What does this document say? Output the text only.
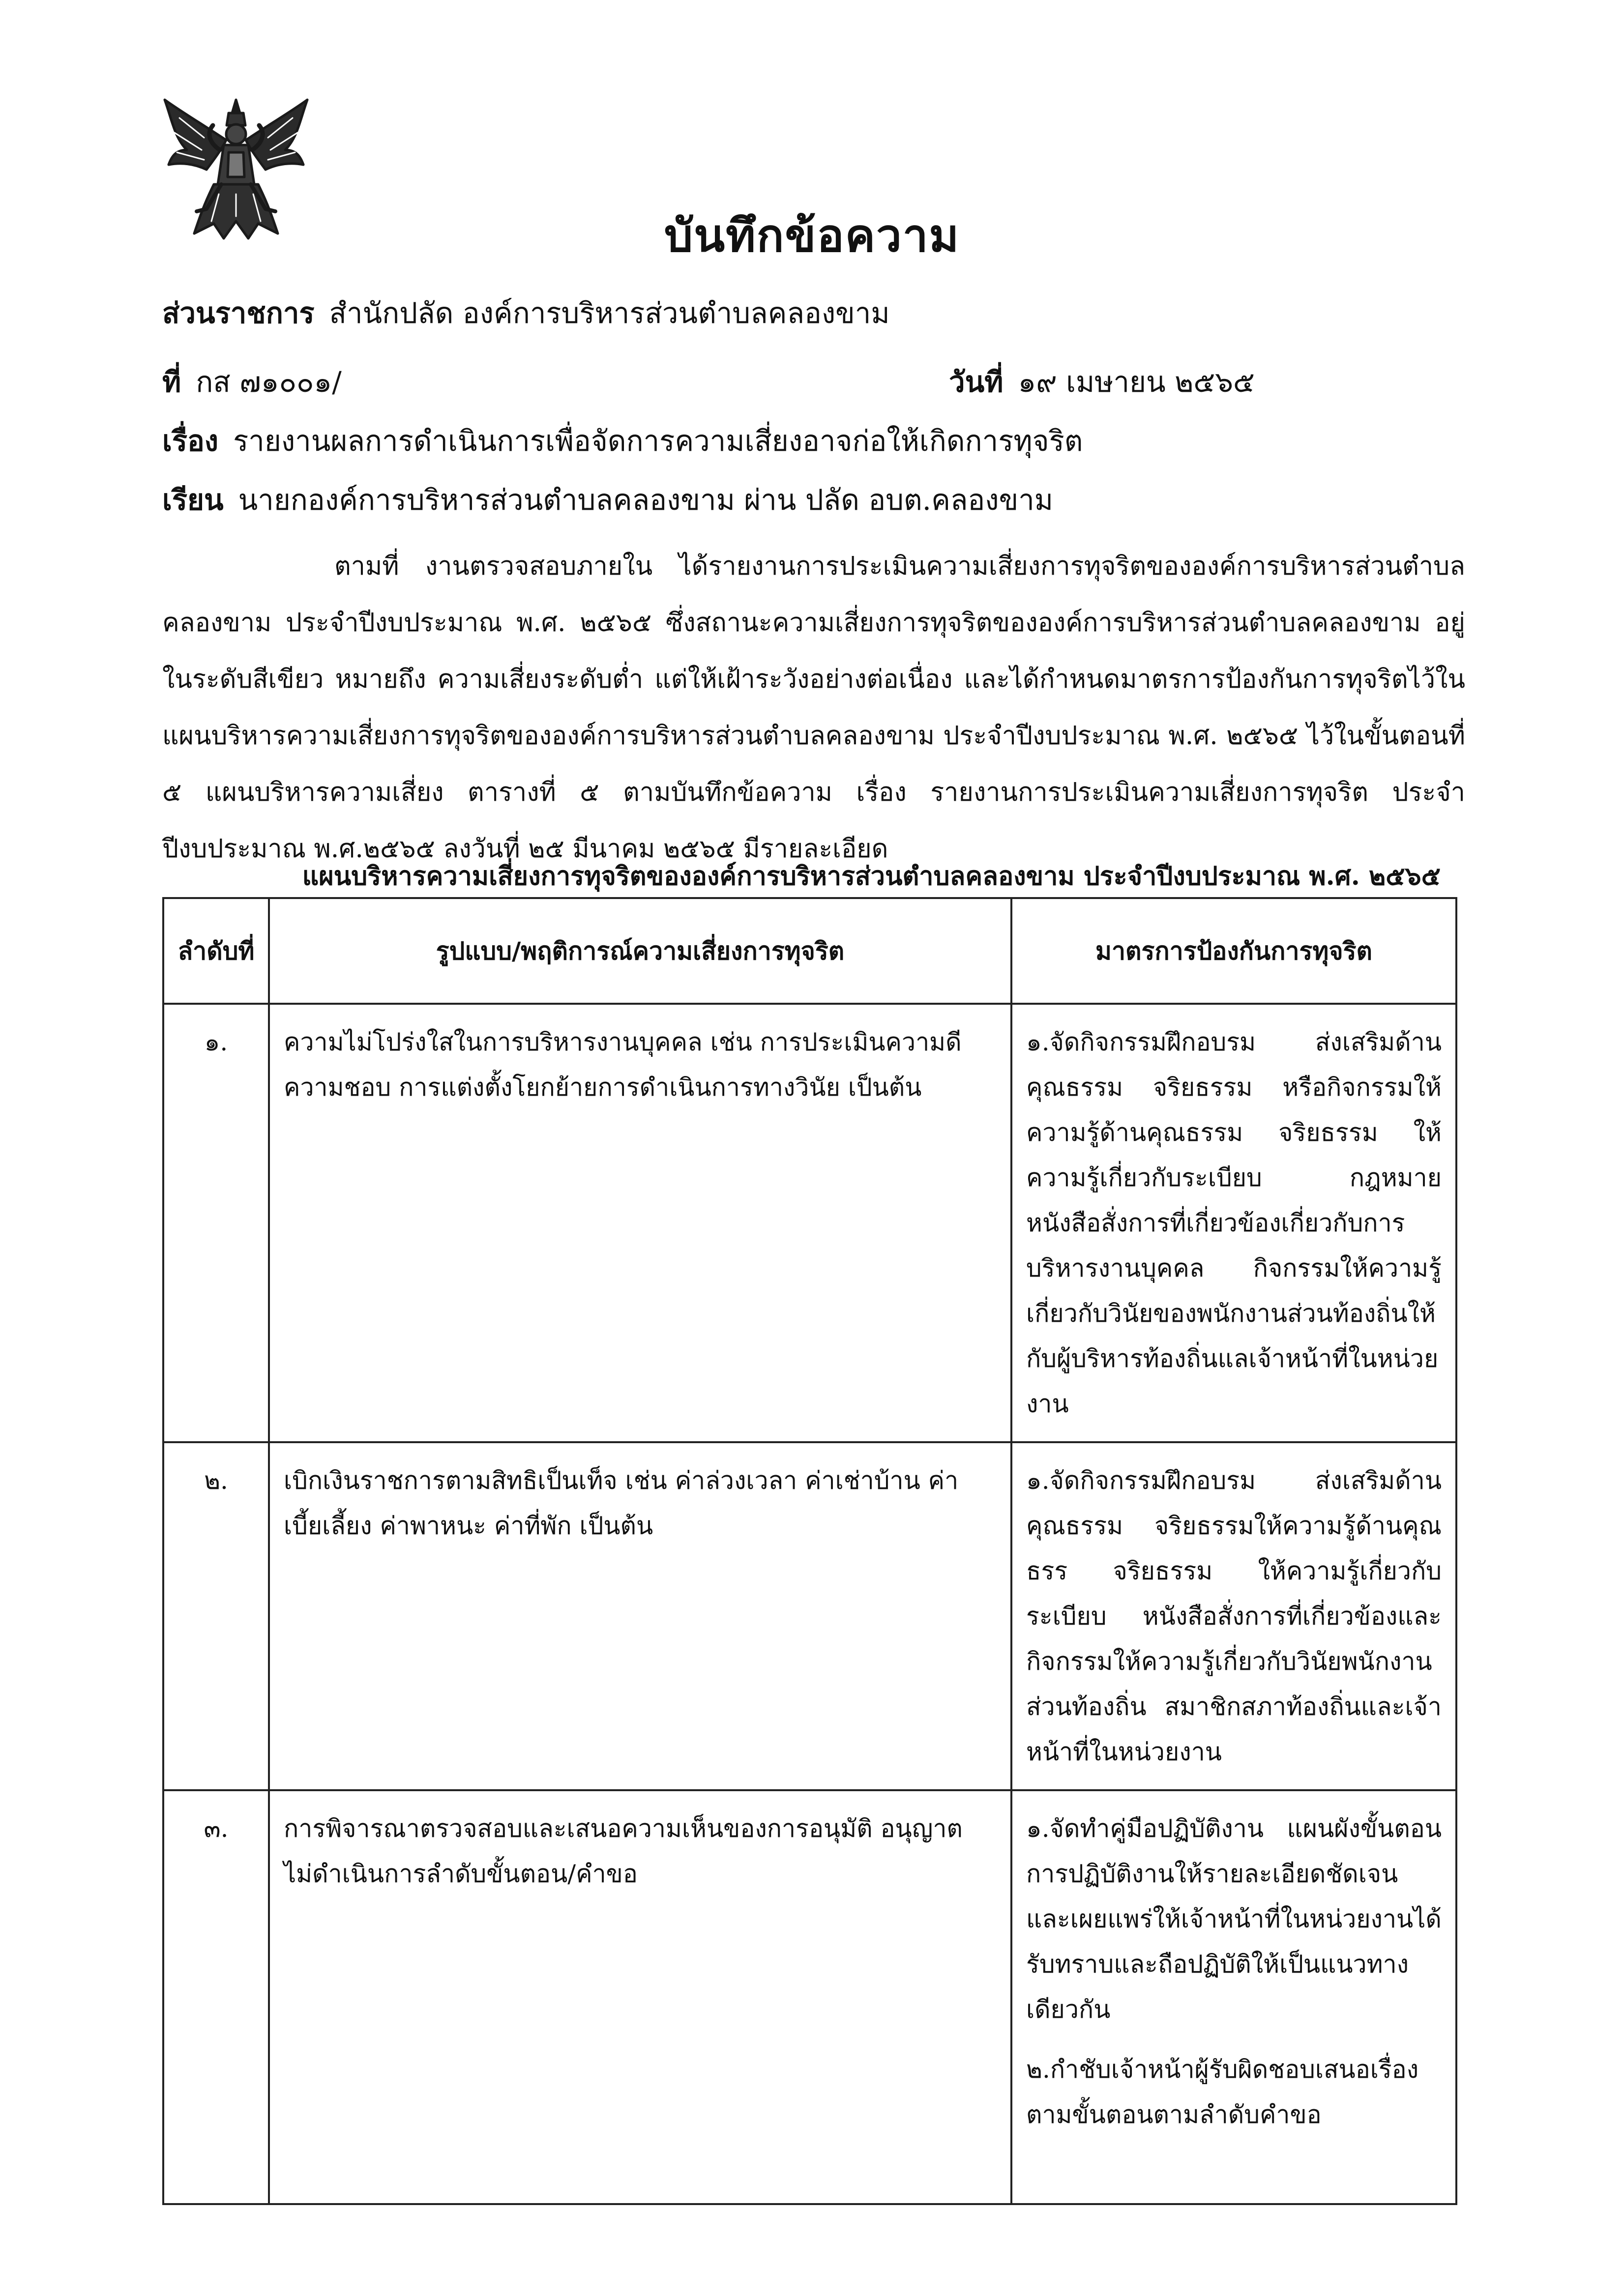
บันทึกข้อความ
ส่วนราชการ สำนักปลัด องค์การบริหารส่วนตำบลคลองขาม
ที่ กส ๗๑๐๐๑/	วันที่ ๑๙ เมษายน ๒๕๖๕
เรื่อง รายงานผลการดำเนินการเพื่อจัดการความเสี่ยงอาจก่อให้เกิดการทุจริต
เรียน นายกองค์การบริหารส่วนตำบลคลองขาม ผ่าน ปลัด อบต.คลองขาม

ตามที่ งานตรวจสอบภายใน ได้รายงานการประเมินความเสี่ยงการทุจริตขององค์การบริหารส่วนตำบลคลองขาม ประจำปีงบประมาณ พ.ศ. ๒๕๖๕ ซึ่งสถานะความเสี่ยงการทุจริตขององค์การบริหารส่วนตำบลคลองขาม อยู่ในระดับสีเขียว หมายถึง ความเสี่ยงระดับต่ำ แต่ให้เฝ้าระวังอย่างต่อเนื่อง และได้กำหนดมาตรการป้องกันการทุจริตไว้ในแผนบริหารความเสี่ยงการทุจริตขององค์การบริหารส่วนตำบลคลองขาม ประจำปีงบประมาณ พ.ศ. ๒๕๖๕ ไว้ในขั้นตอนที่ ๕ แผนบริหารความเสี่ยง ตารางที่ ๕ ตามบันทึกข้อความ เรื่อง รายงานการประเมินความเสี่ยงการทุจริต ประจำปีงบประมาณ พ.ศ.๒๕๖๕ ลงวันที่ ๒๕ มีนาคม ๒๕๖๕ มีรายละเอียด

แผนบริหารความเสี่ยงการทุจริตขององค์การบริหารส่วนตำบลคลองขาม ประจำปีงบประมาณ พ.ศ. ๒๕๖๕
ลำดับที่	รูปแบบ/พฤติการณ์ความเสี่ยงการทุจริต	มาตรการป้องกันการทุจริต
๑.	ความไม่โปร่งใสในการบริหารงานบุคคล เช่น การประเมินความดีความชอบ การแต่งตั้งโยกย้ายการดำเนินการทางวินัย เป็นต้น	๑.จัดกิจกรรมฝึกอบรม ส่งเสริมด้านคุณธรรม จริยธรรม หรือกิจกรรมให้ความรู้ด้านคุณธรรม จริยธรรม ให้ความรู้เกี่ยวกับระเบียบ กฎหมาย หนังสือสั่งการที่เกี่ยวข้องเกี่ยวกับการบริหารงานบุคคล กิจกรรมให้ความรู้เกี่ยวกับวินัยของพนักงานส่วนท้องถิ่นให้กับผู้บริหารท้องถิ่นแลเจ้าหน้าที่ในหน่วยงาน

๒.	เบิกเงินราชการตามสิทธิเป็นเท็จ เช่น ค่าล่วงเวลา ค่าเช่าบ้าน ค่าเบี้ยเลี้ยง ค่าพาหนะ ค่าที่พัก เป็นต้น	๑.จัดกิจกรรมฝึกอบรม ส่งเสริมด้านคุณธรรม จริยธรรมให้ความรู้ด้านคุณธรร จริยธรรม ให้ความรู้เกี่ยวกับระเบียบ หนังสือสั่งการที่เกี่ยวข้องและกิจกรรมให้ความรู้เกี่ยวกับวินัยพนักงานส่วนท้องถิ่น สมาชิกสภาท้องถิ่นและเจ้าหน้าที่ในหน่วยงาน

๓.	การพิจารณาตรวจสอบและเสนอความเห็นของการอนุมัติ อนุญาต ไม่ดำเนินการลำดับขั้นตอน/คำขอ	๑.จัดทำคู่มือปฏิบัติงาน แผนผังขั้นตอนการปฏิบัติงานให้รายละเอียดชัดเจน และเผยแพร่ให้เจ้าหน้าที่ในหน่วยงานได้รับทราบและถือปฏิบัติให้เป็นแนวทางเดียวกัน
๒.กำชับเจ้าหน้าผู้รับผิดชอบเสนอเรื่องตามขั้นตอนตามลำดับคำขอ
